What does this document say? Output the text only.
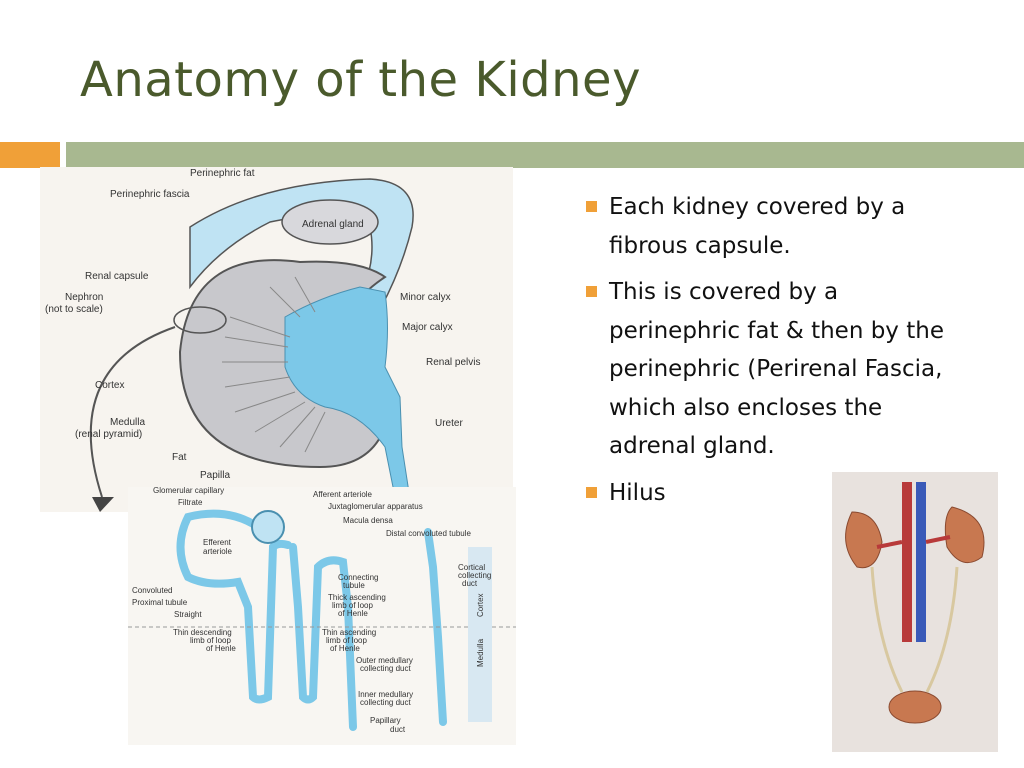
Anatomy of the Kidney
Each kidney covered by a fibrous capsule.
This is covered by a perinephric fat & then by the perinephric (Perirenal Fascia, which also encloses the adrenal gland.
Hilus
Perinephric fat
Perinephric fascia
Adrenal gland
Renal capsule
Nephron
(not to scale)
Minor calyx
Major calyx
Renal pelvis
Cortex
Medulla
(renal pyramid)
Ureter
Fat
Papilla
Glomerular capillary
Filtrate
Afferent arteriole
Juxtaglomerular apparatus
Macula densa
Distal convoluted tubule
Efferent
arteriole
Connecting
tubule
Cortical
collecting
duct
Convoluted
Proximal tubule
Straight
Thick ascending
limb of loop
of Henle	Cortex
Medulla
Thin descending
limb of loop
of Henle
Thin ascending
limb of loop
of Henle
Outer medullary
collecting duct
Inner medullary
collecting duct
Papillary
duct
